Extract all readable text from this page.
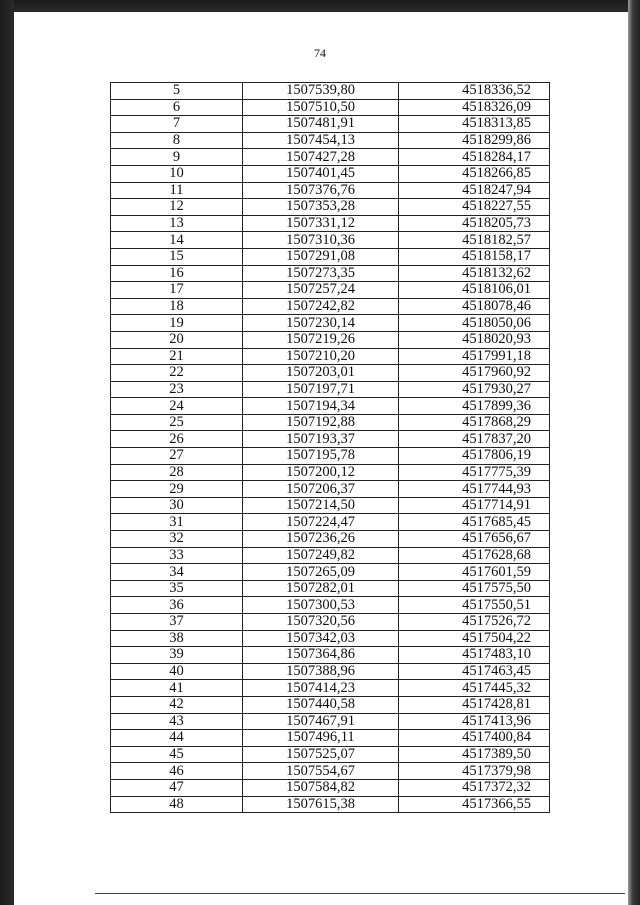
74
5	1507539,80	4518336,52
6	1507510,50	4518326,09
7	1507481,91	4518313,85
8	1507454,13	4518299,86
9	1507427,28	4518284,17
10	1507401,45	4518266,85
11	1507376,76	4518247,94
12	1507353,28	4518227,55
13	1507331,12	4518205,73
14	1507310,36	4518182,57
15	1507291,08	4518158,17
16	1507273,35	4518132,62
17	1507257,24	4518106,01
18	1507242,82	4518078,46
19	1507230,14	4518050,06
20	1507219,26	4518020,93
21	1507210,20	4517991,18
22	1507203,01	4517960,92
23	1507197,71	4517930,27
24	1507194,34	4517899,36
25	1507192,88	4517868,29
26	1507193,37	4517837,20
27	1507195,78	4517806,19
28	1507200,12	4517775,39
29	1507206,37	4517744,93
30	1507214,50	4517714,91
31	1507224,47	4517685,45
32	1507236,26	4517656,67
33	1507249,82	4517628,68
34	1507265,09	4517601,59
35	1507282,01	4517575,50
36	1507300,53	4517550,51
37	1507320,56	4517526,72
38	1507342,03	4517504,22
39	1507364,86	4517483,10
40	1507388,96	4517463,45
41	1507414,23	4517445,32
42	1507440,58	4517428,81
43	1507467,91	4517413,96
44	1507496,11	4517400,84
45	1507525,07	4517389,50
46	1507554,67	4517379,98
47	1507584,82	4517372,32
48	1507615,38	4517366,55
